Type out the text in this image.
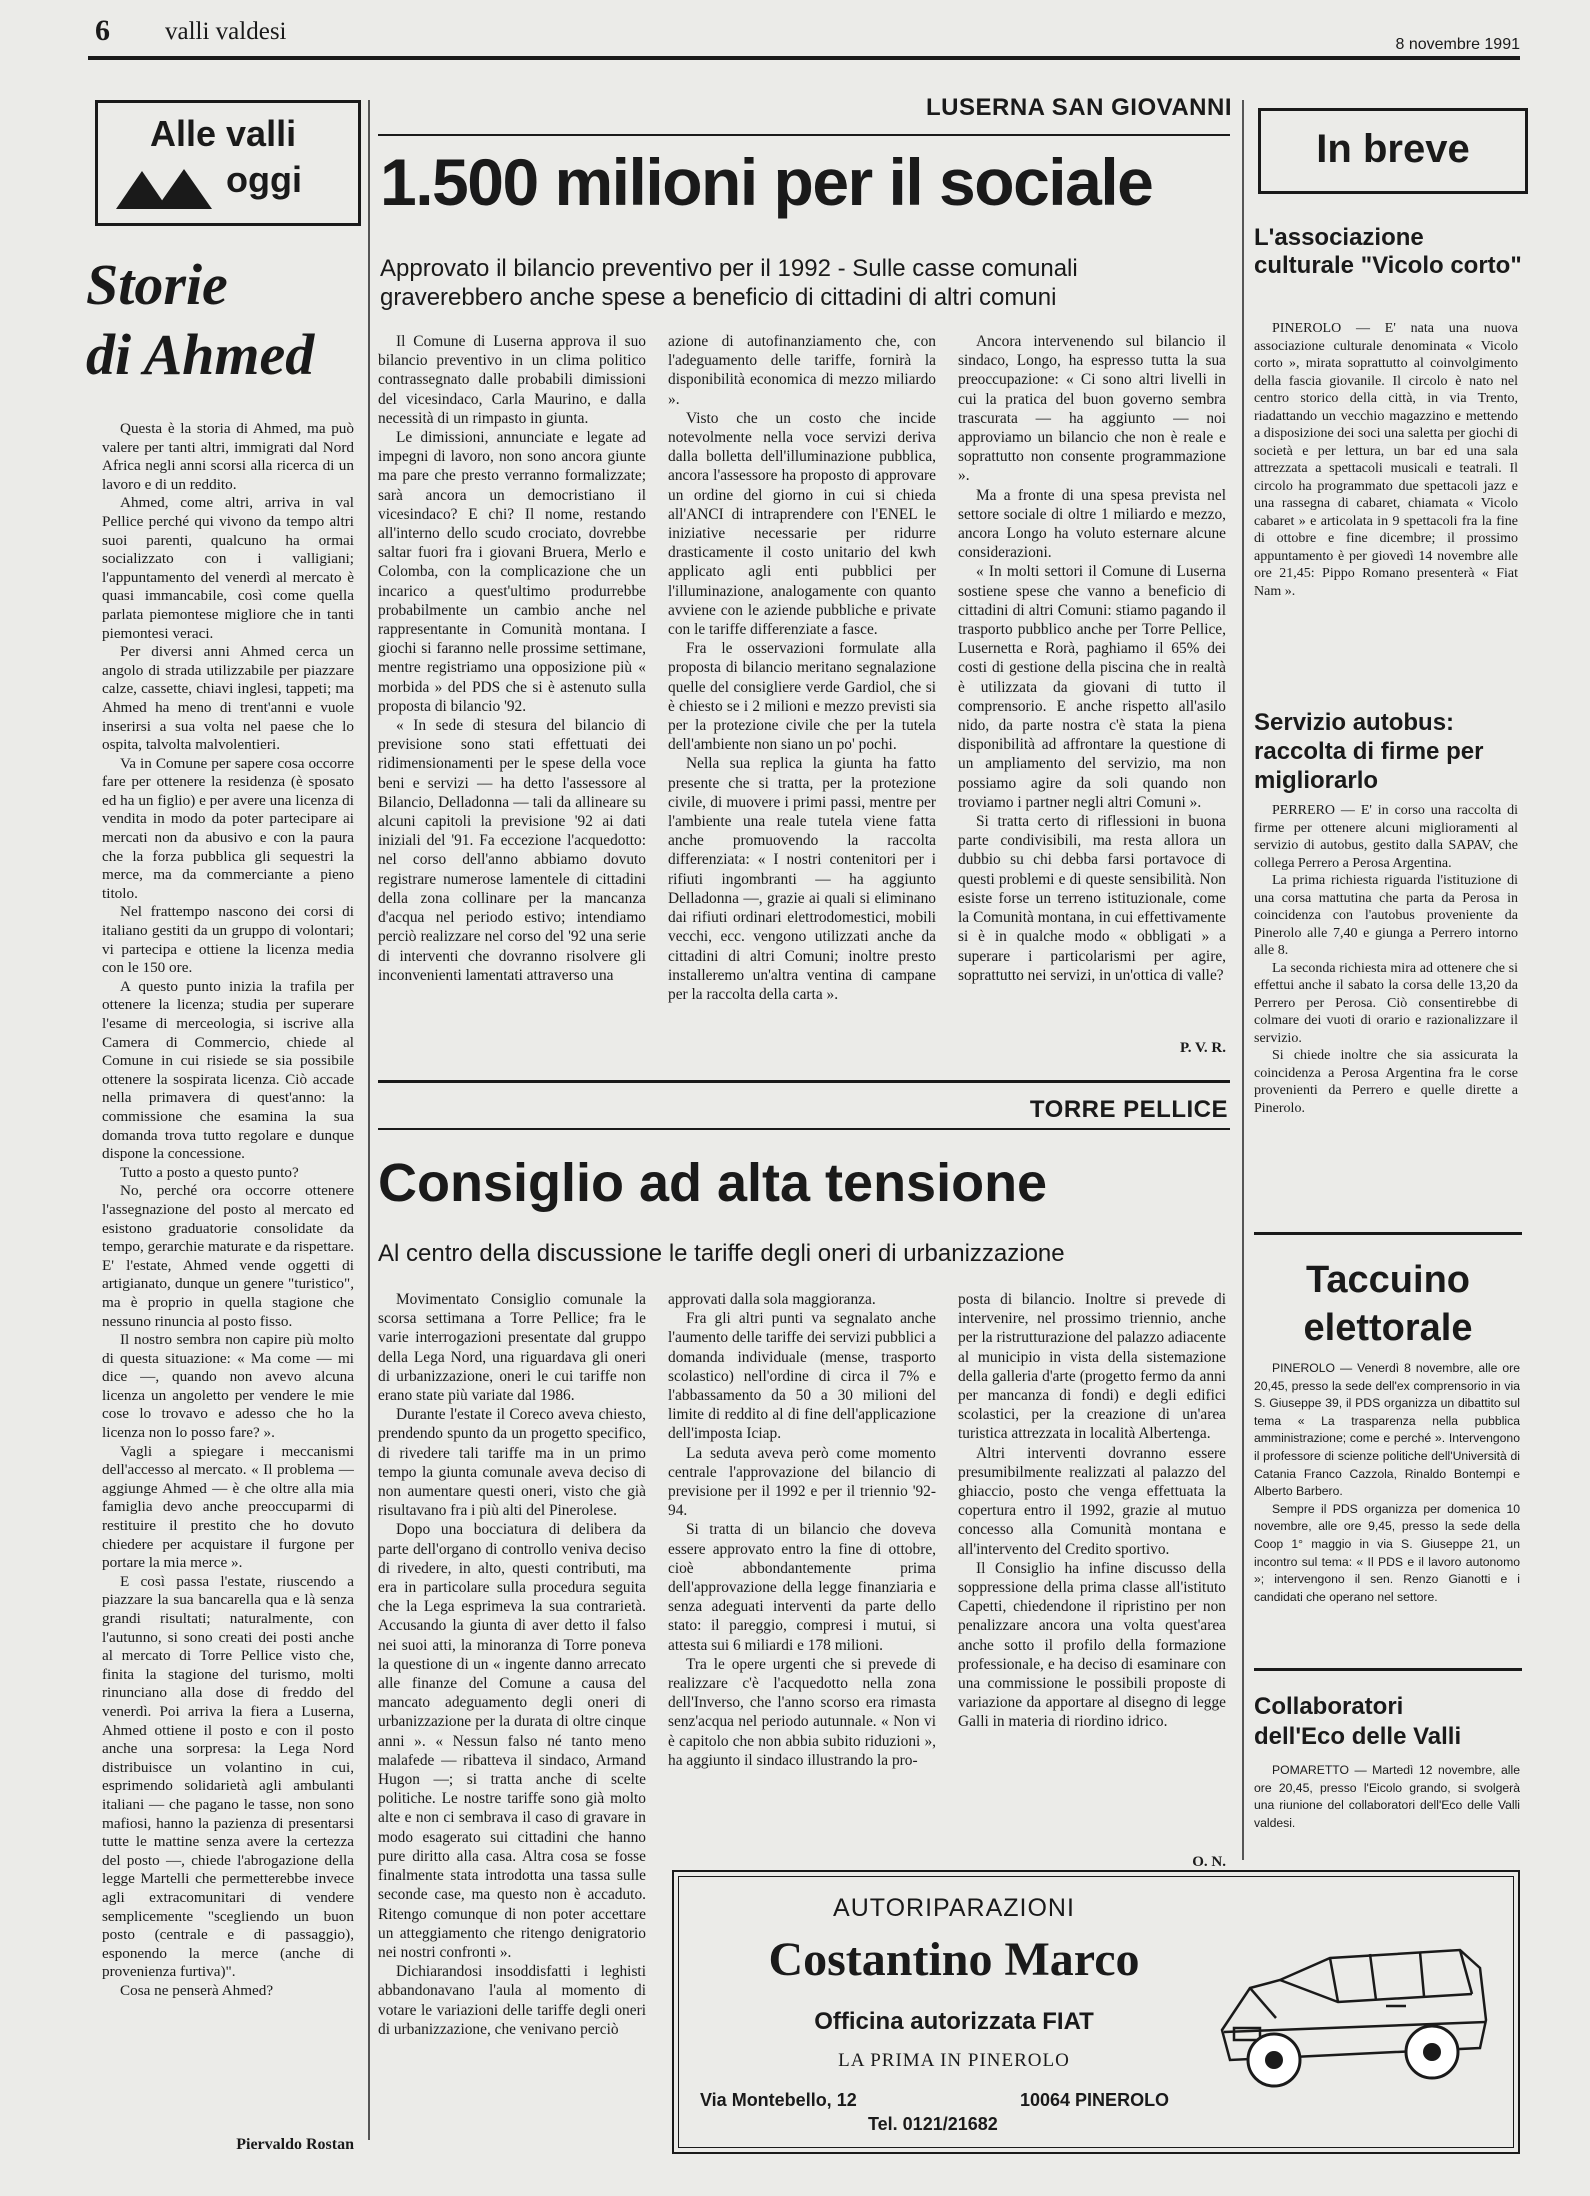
6 valli valdesi	8 novembre 1991
Alle valli
oggi
Storie
di Ahmed

Questa è la storia di Ahmed, ma può valere per tanti altri, immigrati dal Nord Africa negli anni scorsi alla ricerca di un lavoro e di un reddito.

Ahmed, come altri, arriva in val Pellice perché qui vivono da tempo altri suoi parenti, qualcuno ha ormai socializzato con i valligiani; l'appuntamento del venerdì al mercato è quasi immancabile, così come quella parlata piemontese migliore che in tanti piemontesi veraci.

Per diversi anni Ahmed cerca un angolo di strada utilizzabile per piazzare calze, cassette, chiavi inglesi, tappeti; ma Ahmed ha meno di trent'anni e vuole inserirsi a sua volta nel paese che lo ospita, talvolta malvolentieri.

Va in Comune per sapere cosa occorre fare per ottenere la residenza (è sposato ed ha un figlio) e per avere una licenza di vendita in modo da poter partecipare ai mercati non da abusivo e con la paura che la forza pubblica gli sequestri la merce, ma da commerciante a pieno titolo.

Nel frattempo nascono dei corsi di italiano gestiti da un gruppo di volontari; vi partecipa e ottiene la licenza media con le 150 ore.

A questo punto inizia la trafila per ottenere la licenza; studia per superare l'esame di merceologia, si iscrive alla Camera di Commercio, chiede al Comune in cui risiede se sia possibile ottenere la sospirata licenza. Ciò accade nella primavera di quest'anno: la commissione che esamina la sua domanda trova tutto regolare e dunque dispone la concessione.

Tutto a posto a questo punto?

No, perché ora occorre ottenere l'assegnazione del posto al mercato ed esistono graduatorie consolidate da tempo, gerarchie maturate e da rispettare. E' l'estate, Ahmed vende oggetti di artigianato, dunque un genere "turistico", ma è proprio in quella stagione che nessuno rinuncia al posto fisso.

Il nostro sembra non capire più molto di questa situazione: « Ma come — mi dice —, quando non avevo alcuna licenza un angoletto per vendere le mie cose lo trovavo e adesso che ho la licenza non lo posso fare? ».

Vagli a spiegare i meccanismi dell'accesso al mercato. « Il problema — aggiunge Ahmed — è che oltre alla mia famiglia devo anche preoccuparmi di restituire il prestito che ho dovuto chiedere per acquistare il furgone per portare la mia merce ».

E così passa l'estate, riuscendo a piazzare la sua bancarella qua e là senza grandi risultati; naturalmente, con l'autunno, si sono creati dei posti anche al mercato di Torre Pellice visto che, finita la stagione del turismo, molti rinunciano alla dose di freddo del venerdì. Poi arriva la fiera a Luserna, Ahmed ottiene il posto e con il posto anche una sorpresa: la Lega Nord distribuisce un volantino in cui, esprimendo solidarietà agli ambulanti italiani — che pagano le tasse, non sono mafiosi, hanno la pazienza di presentarsi tutte le mattine senza avere la certezza del posto —, chiede l'abrogazione della legge Martelli che permetterebbe invece agli extracomunitari di vendere semplicemente "scegliendo un buon posto (centrale e di passaggio), esponendo la merce (anche di provenienza furtiva)".

Cosa ne penserà Ahmed?

Piervaldo Rostan
LUSERNA SAN GIOVANNI
1.500 milioni per il sociale
Approvato il bilancio preventivo per il 1992 - Sulle casse comunali
graverebbero anche spese a beneficio di cittadini di altri comuni

Il Comune di Luserna approva il suo bilancio preventivo in un clima politico contrassegnato dalle probabili dimissioni del vicesindaco, Carla Maurino, e dalla necessità di un rimpasto in giunta.

Le dimissioni, annunciate e legate ad impegni di lavoro, non sono ancora giunte ma pare che presto verranno formalizzate; sarà ancora un democristiano il vicesindaco? E chi? Il nome, restando all'interno dello scudo crociato, dovrebbe saltar fuori fra i giovani Bruera, Merlo e Colomba, con la complicazione che un incarico a quest'ultimo produrrebbe probabilmente un cambio anche nel rappresentante in Comunità montana. I giochi si faranno nelle prossime settimane, mentre registriamo una opposizione più « morbida » del PDS che si è astenuto sulla proposta di bilancio '92.

« In sede di stesura del bilancio di previsione sono stati effettuati dei ridimensionamenti per le spese della voce beni e servizi — ha detto l'assessore al Bilancio, Delladonna — tali da allineare su alcuni capitoli la previsione '92 ai dati iniziali del '91. Fa eccezione l'acquedotto: nel corso dell'anno abbiamo dovuto registrare numerose lamentele di cittadini della zona collinare per la mancanza d'acqua nel periodo estivo; intendiamo perciò realizzare nel corso del '92 una serie di interventi che dovranno risolvere gli inconvenienti lamentati attraverso una

azione di autofinanziamento che, con l'adeguamento delle tariffe, fornirà la disponibilità economica di mezzo miliardo ».

Visto che un costo che incide notevolmente nella voce servizi deriva dalla bolletta dell'illuminazione pubblica, ancora l'assessore ha proposto di approvare un ordine del giorno in cui si chieda all'ANCI di intraprendere con l'ENEL le iniziative necessarie per ridurre drasticamente il costo unitario del kwh applicato agli enti pubblici per l'illuminazione, analogamente con quanto avviene con le aziende pubbliche e private con le tariffe differenziate a fasce.

Fra le osservazioni formulate alla proposta di bilancio meritano segnalazione quelle del consigliere verde Gardiol, che si è chiesto se i 2 milioni e mezzo previsti sia per la protezione civile che per la tutela dell'ambiente non siano un po' pochi.

Nella sua replica la giunta ha fatto presente che si tratta, per la protezione civile, di muovere i primi passi, mentre per l'ambiente una reale tutela viene fatta anche promuovendo la raccolta differenziata: « I nostri contenitori per i rifiuti ingombranti — ha aggiunto Delladonna —, grazie ai quali si eliminano dai rifiuti ordinari elettrodomestici, mobili vecchi, ecc. vengono utilizzati anche da cittadini di altri Comuni; inoltre presto installeremo un'altra ventina di campane per la raccolta della carta ».

Ancora intervenendo sul bilancio il sindaco, Longo, ha espresso tutta la sua preoccupazione: « Ci sono altri livelli in cui la pratica del buon governo sembra trascurata — ha aggiunto — noi approviamo un bilancio che non è reale e soprattutto non consente programmazione ».

Ma a fronte di una spesa prevista nel settore sociale di oltre 1 miliardo e mezzo, ancora Longo ha voluto esternare alcune considerazioni.

« In molti settori il Comune di Luserna sostiene spese che vanno a beneficio di cittadini di altri Comuni: stiamo pagando il trasporto pubblico anche per Torre Pellice, Lusernetta e Rorà, paghiamo il 65% dei costi di gestione della piscina che in realtà è utilizzata da giovani di tutto il comprensorio. E anche rispetto all'asilo nido, da parte nostra c'è stata la piena disponibilità ad affrontare la questione di un ampliamento del servizio, ma non possiamo agire da soli quando non troviamo i partner negli altri Comuni ».

Si tratta certo di riflessioni in buona parte condivisibili, ma resta allora un dubbio su chi debba farsi portavoce di questi problemi e di queste sensibilità. Non esiste forse un terreno istituzionale, come la Comunità montana, in cui effettivamente si è in qualche modo « obbligati » a superare i particolarismi per agire, soprattutto nei servizi, in un'ottica di valle?

P. V. R.
TORRE PELLICE
Consiglio ad alta tensione
Al centro della discussione le tariffe degli oneri di urbanizzazione

Movimentato Consiglio comunale la scorsa settimana a Torre Pellice; fra le varie interrogazioni presentate dal gruppo della Lega Nord, una riguardava gli oneri di urbanizzazione, oneri le cui tariffe non erano state più variate dal 1986.

Durante l'estate il Coreco aveva chiesto, prendendo spunto da un progetto specifico, di rivedere tali tariffe ma in un primo tempo la giunta comunale aveva deciso di non aumentare questi oneri, visto che già risultavano fra i più alti del Pinerolese.

Dopo una bocciatura di delibera da parte dell'organo di controllo veniva deciso di rivedere, in alto, questi contributi, ma era in particolare sulla procedura seguita che la Lega esprimeva la sua contrarietà. Accusando la giunta di aver detto il falso nei suoi atti, la minoranza di Torre poneva la questione di un « ingente danno arrecato alle finanze del Comune a causa del mancato adeguamento degli oneri di urbanizzazione per la durata di oltre cinque anni ». « Nessun falso né tanto meno malafede — ribatteva il sindaco, Armand Hugon —; si tratta anche di scelte politiche. Le nostre tariffe sono già molto alte e non ci sembrava il caso di gravare in modo esagerato sui cittadini che hanno pure diritto alla casa. Altra cosa se fosse finalmente stata introdotta una tassa sulle seconde case, ma questo non è accaduto. Ritengo comunque di non poter accettare un atteggiamento che ritengo denigratorio nei nostri confronti ».

Dichiarandosi insoddisfatti i leghisti abbandonavano l'aula al momento di votare le variazioni delle tariffe degli oneri di urbanizzazione, che venivano perciò

approvati dalla sola maggioranza.

Fra gli altri punti va segnalato anche l'aumento delle tariffe dei servizi pubblici a domanda individuale (mense, trasporto scolastico) nell'ordine di circa il 7% e l'abbassamento da 50 a 30 milioni del limite di reddito al di fine dell'applicazione dell'imposta Iciap.

La seduta aveva però come momento centrale l'approvazione del bilancio di previsione per il 1992 e per il triennio '92-94.

Si tratta di un bilancio che doveva essere approvato entro la fine di ottobre, cioè abbondantemente prima dell'approvazione della legge finanziaria e senza adeguati interventi da parte dello stato: il pareggio, compresi i mutui, si attesta sui 6 miliardi e 178 milioni.

Tra le opere urgenti che si prevede di realizzare c'è l'acquedotto nella zona dell'Inverso, che l'anno scorso era rimasta senz'acqua nel periodo autunnale. « Non vi è capitolo che non abbia subito riduzioni », ha aggiunto il sindaco illustrando la pro-

posta di bilancio. Inoltre si prevede di intervenire, nel prossimo triennio, anche per la ristrutturazione del palazzo adiacente al municipio in vista della sistemazione della galleria d'arte (progetto fermo da anni per mancanza di fondi) e degli edifici scolastici, per la creazione di un'area turistica attrezzata in località Albertenga.

Altri interventi dovranno essere presumibilmente realizzati al palazzo del ghiaccio, posto che venga effettuata la copertura entro il 1992, grazie al mutuo concesso alla Comunità montana e all'intervento del Credito sportivo.

Il Consiglio ha infine discusso della soppressione della prima classe all'istituto Capetti, chiedendone il ripristino per non penalizzare ancora una volta quest'area anche sotto il profilo della formazione professionale, e ha deciso di esaminare con una commissione le possibili proposte di variazione da apportare al disegno di legge Galli in materia di riordino idrico.

O. N.
AUTORIPARAZIONI
Costantino Marco
Officina autorizzata FIAT
LA PRIMA IN PINEROLO
Via Montebello, 12	10064 PINEROLO
Tel. 0121/21682
In breve
L'associazione culturale "Vicolo corto"

PINEROLO — E' nata una nuova associazione culturale denominata « Vicolo corto », mirata soprattutto al coinvolgimento della fascia giovanile. Il circolo è nato nel centro storico della città, in via Trento, riadattando un vecchio magazzino e mettendo a disposizione dei soci una saletta per giochi di società e per lettura, un bar ed una sala attrezzata a spettacoli musicali e teatrali. Il circolo ha programmato due spettacoli jazz e una rassegna di cabaret, chiamata « Vicolo cabaret » e articolata in 9 spettacoli fra la fine di ottobre e fine dicembre; il prossimo appuntamento è per giovedì 14 novembre alle ore 21,45: Pippo Romano presenterà « Fiat Nam ».

Servizio autobus: raccolta di firme per migliorarlo

PERRERO — E' in corso una raccolta di firme per ottenere alcuni miglioramenti al servizio di autobus, gestito dalla SAPAV, che collega Perrero a Perosa Argentina.

La prima richiesta riguarda l'istituzione di una corsa mattutina che parta da Perosa in coincidenza con l'autobus proveniente da Pinerolo alle 7,40 e giunga a Perrero intorno alle 8.

La seconda richiesta mira ad ottenere che si effettui anche il sabato la corsa delle 13,20 da Perrero per Perosa. Ciò consentirebbe di colmare dei vuoti di orario e razionalizzare il servizio.

Si chiede inoltre che sia assicurata la coincidenza a Perosa Argentina fra le corse provenienti da Perrero e quelle dirette a Pinerolo.

Taccuino
elettorale

PINEROLO — Venerdì 8 novembre, alle ore 20,45, presso la sede dell'ex comprensorio in via S. Giuseppe 39, il PDS organizza un dibattito sul tema « La trasparenza nella pubblica amministrazione; come e perché ». Intervengono il professore di scienze politiche dell'Università di Catania Franco Cazzola, Rinaldo Bontempi e Alberto Barbero.

Sempre il PDS organizza per domenica 10 novembre, alle ore 9,45, presso la sede della Coop 1° maggio in via S. Giuseppe 21, un incontro sul tema: « Il PDS e il lavoro autonomo »; intervengono il sen. Renzo Gianotti e i candidati che operano nel settore.

Collaboratori
dell'Eco delle Valli

POMARETTO — Martedì 12 novembre, alle ore 20,45, presso l'Eicolo grando, si svolgerà una riunione del collaboratori dell'Eco delle Valli valdesi.
